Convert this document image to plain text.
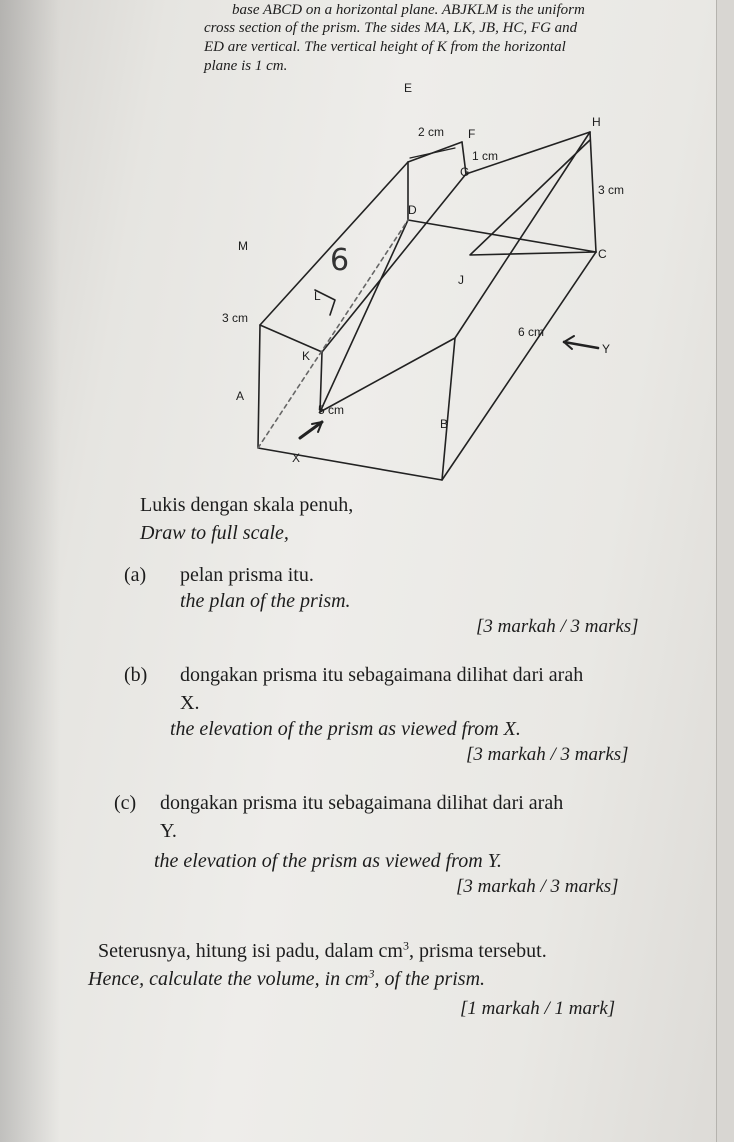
base ABCD on a horizontal plane. ABJKLM is the uniform
cross section of the prism. The sides MA, LK, JB, HC, FG and
ED are vertical. The vertical height of K from the horizontal
plane is 1 cm.
6
E
F
H
G
D
C
M
L
J
K
A
B
X
Y
2 cm
1 cm
3 cm
3 cm
5 cm
6 cm
Lukis dengan skala penuh,
Draw to full scale,
(a) pelan prisma itu.
the plan of the prism.
[3 markah / 3 marks]
(b) dongakan prisma itu sebagaimana dilihat dari arah
X.
the elevation of the prism as viewed from X.
[3 markah / 3 marks]
(c) dongakan prisma itu sebagaimana dilihat dari arah
Y.
the elevation of the prism as viewed from Y.
[3 markah / 3 marks]
Seterusnya, hitung isi padu, dalam $cm^3$, prisma tersebut.
Hence, calculate the volume, in $cm^3$, of the prism.
[1 markah / 1 mark]
